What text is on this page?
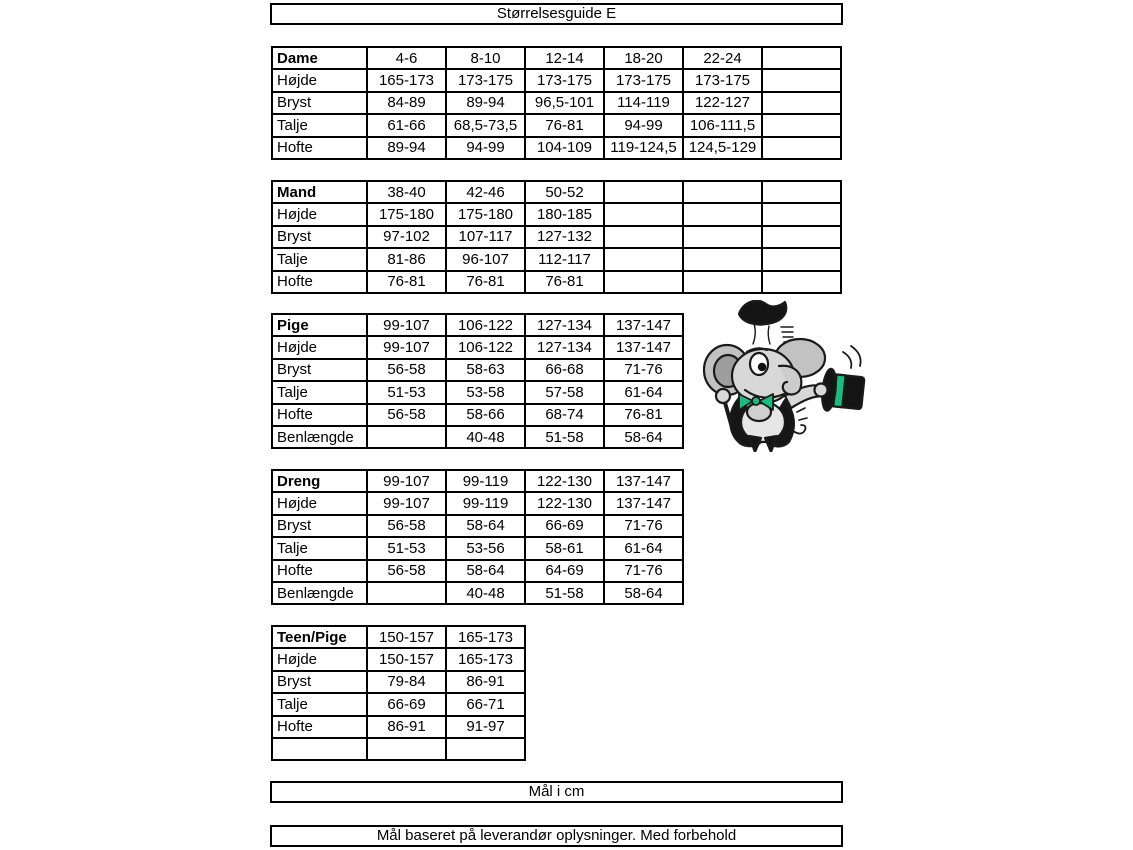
Størrelsesguide E
Dame	4-6	8-10	12-14	18-20	22-24	
Højde	165-173	173-175	173-175	173-175	173-175	
Bryst	84-89	89-94	96,5-101	114-119	122-127	
Talje	61-66	68,5-73,5	76-81	94-99	106-111,5	
Hofte	89-94	94-99	104-109	119-124,5	124,5-129	
Mand	38-40	42-46	50-52			
Højde	175-180	175-180	180-185			
Bryst	97-102	107-117	127-132			
Talje	81-86	96-107	112-117			
Hofte	76-81	76-81	76-81			
Pige	99-107	106-122	127-134	137-147
Højde	99-107	106-122	127-134	137-147
Bryst	56-58	58-63	66-68	71-76
Talje	51-53	53-58	57-58	61-64
Hofte	56-58	58-66	68-74	76-81
Benlængde		40-48	51-58	58-64
Dreng	99-107	99-119	122-130	137-147
Højde	99-107	99-119	122-130	137-147
Bryst	56-58	58-64	66-69	71-76
Talje	51-53	53-56	58-61	61-64
Hofte	56-58	58-64	64-69	71-76
Benlængde		40-48	51-58	58-64
Teen/Pige	150-157	165-173
Højde	150-157	165-173
Bryst	79-84	86-91
Talje	66-69	66-71
Hofte	86-91	91-97

Mål i cm
Mål baseret på leverandør oplysninger. Med forbehold
